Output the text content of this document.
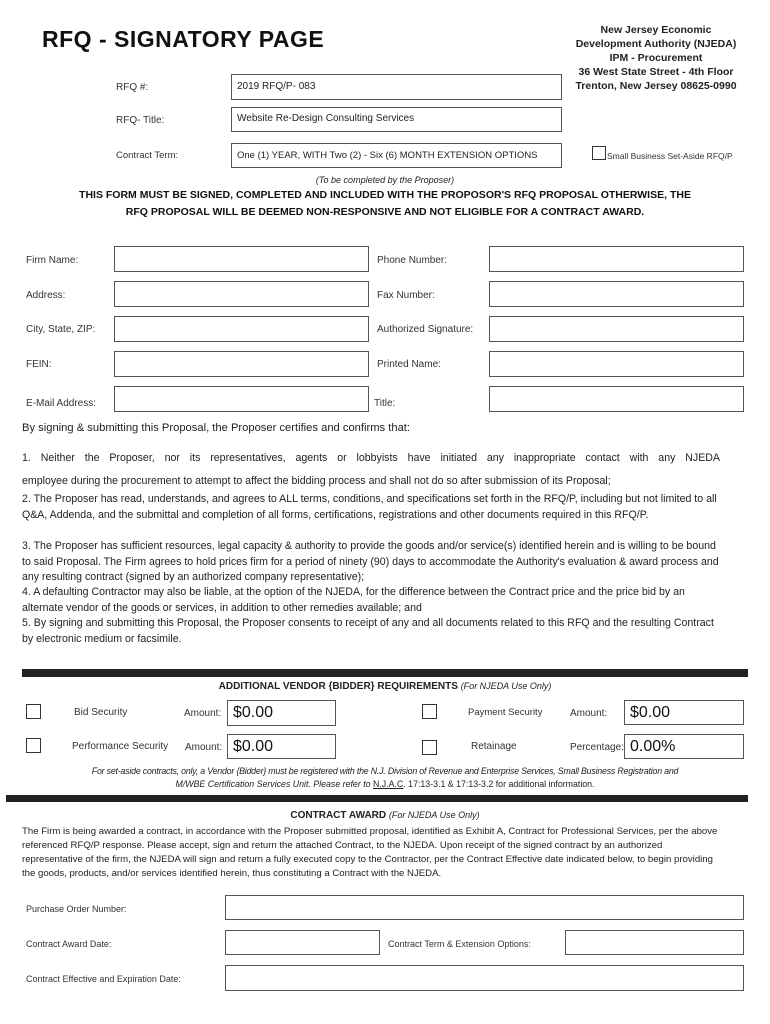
RFQ - SIGNATORY PAGE	New Jersey Economic
Development Authority (NJEDA)
IPM - Procurement
36 West State Street - 4th Floor
Trenton, New Jersey 08625-0990
RFQ #:	2019 RFQ/P- 083
RFQ- Title:	Website Re-Design Consulting Services
Contract Term:	One (1) YEAR, WITH Two (2) - Six (6) MONTH EXTENSION OPTIONS	Small Business Set-Aside RFQ/P
(To be completed by the Proposer)
THIS FORM MUST BE SIGNED, COMPLETED AND INCLUDED WITH THE PROPOSOR'S RFQ PROPOSAL OTHERWISE, THE
RFQ PROPOSAL WILL BE DEEMED NON-RESPONSIVE AND NOT ELIGIBLE FOR A CONTRACT AWARD.
Firm Name:	Phone Number:
Address:	Fax Number:
City, State, ZIP:	Authorized Signature:
FEIN:	Printed Name:
E-Mail Address:	Title:
By signing & submitting this Proposal, the Proposer certifies and confirms that:
1. Neither the Proposer, nor its representatives, agents or lobbyists have initiated any inappropriate contact with any NJEDA
employee during the procurement to attempt to affect the bidding process and shall not do so after submission of its Proposal;
2. The Proposer has read, understands, and agrees to ALL terms, conditions, and specifications set forth in the RFQ/P, including but not limited to all Q&A, Addenda, and the submittal and completion of all forms, certifications, registrations and other documents required in this RFQ/P.
3. The Proposer has sufficient resources, legal capacity & authority to provide the goods and/or service(s) identified herein and is willing to be bound to said Proposal. The Firm agrees to hold prices firm for a period of ninety (90) days to accommodate the Authority's evaluation & award process and any resulting contract (signed by an authorized company representative);
4. A defaulting Contractor may also be liable, at the option of the NJEDA, for the difference between the Contract price and the price bid by an alternate vendor of the goods or services, in addition to other remedies available; and
5. By signing and submitting this Proposal, the Proposer consents to receipt of any and all documents related to this RFQ and the resulting Contract by electronic medium or facsimile.
ADDITIONAL VENDOR {BIDDER} REQUIREMENTS (For NJEDA Use Only)
Bid Security	Amount: $0.00	Payment Security	Amount:	$0.00
Performance Security Amount: $0.00	Retainage	Percentage: 0.00%
For set-aside contracts, only, a Vendor {Bidder} must be registered with the N.J. Division of Revenue and Enterprise Services, Small Business Registration and
M/WBE Certification Services Unit. Please refer to N.J.A.C. 17:13-3.1 & 17:13-3.2 for additional information.
CONTRACT AWARD (For NJEDA Use Only)
The Firm is being awarded a contract, in accordance with the Proposer submitted proposal, identified as Exhibit A, Contract for Professional Services, per the above referenced RFQ/P response. Please accept, sign and return the attached Contract, to the NJEDA. Upon receipt of the signed contract by an authorized representative of the firm, the NJEDA will sign and return a fully executed copy to the Contractor, per the Contract Effective date indicated below, to begin providing the goods, products, and/or services identified herein, thus constituting a Contract with the NJEDA.
Purchase Order Number:
Contract Award Date:	Contract Term & Extension Options:
Contract Effective and Expiration Date:
